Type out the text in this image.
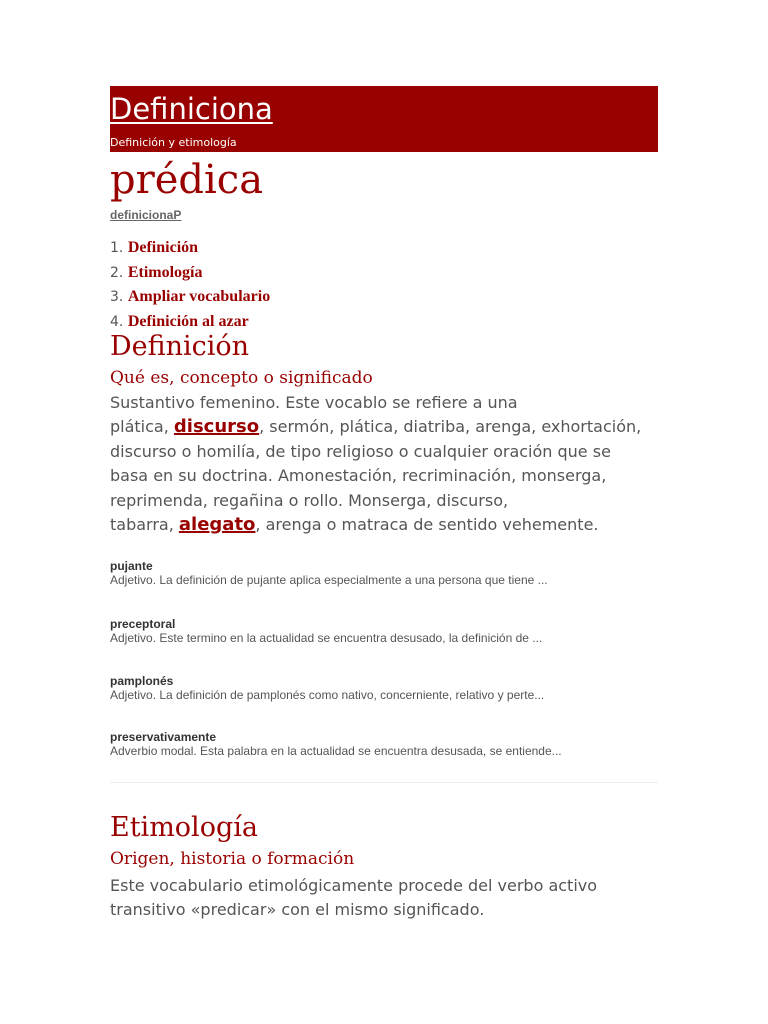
Definiciona
Definición y etimología
prédica
definicionaP
1. Definición
2. Etimología
3. Ampliar vocabulario
4. Definición al azar
Definición
Qué es, concepto o significado
Sustantivo femenino. Este vocablo se refiere a una
plática, discurso, sermón, plática, diatriba, arenga, exhortación,
discurso o homilía, de tipo religioso o cualquier oración que se
basa en su doctrina. Amonestación, recriminación, monserga,
reprimenda, regañina o rollo. Monserga, discurso,
tabarra, alegato, arenga o matraca de sentido vehemente.
pujante
Adjetivo. La definición de pujante aplica especialmente a una persona que tiene ...
preceptoral
Adjetivo. Este termino en la actualidad se encuentra desusado, la definición de ...
pamplonés
Adjetivo. La definición de pamplonés como nativo, concerniente, relativo y perte...
preservativamente
Adverbio modal. Esta palabra en la actualidad se encuentra desusada, se entiende...
Etimología
Origen, historia o formación
Este vocabulario etimológicamente procede del verbo activo
transitivo «predicar» con el mismo significado.
